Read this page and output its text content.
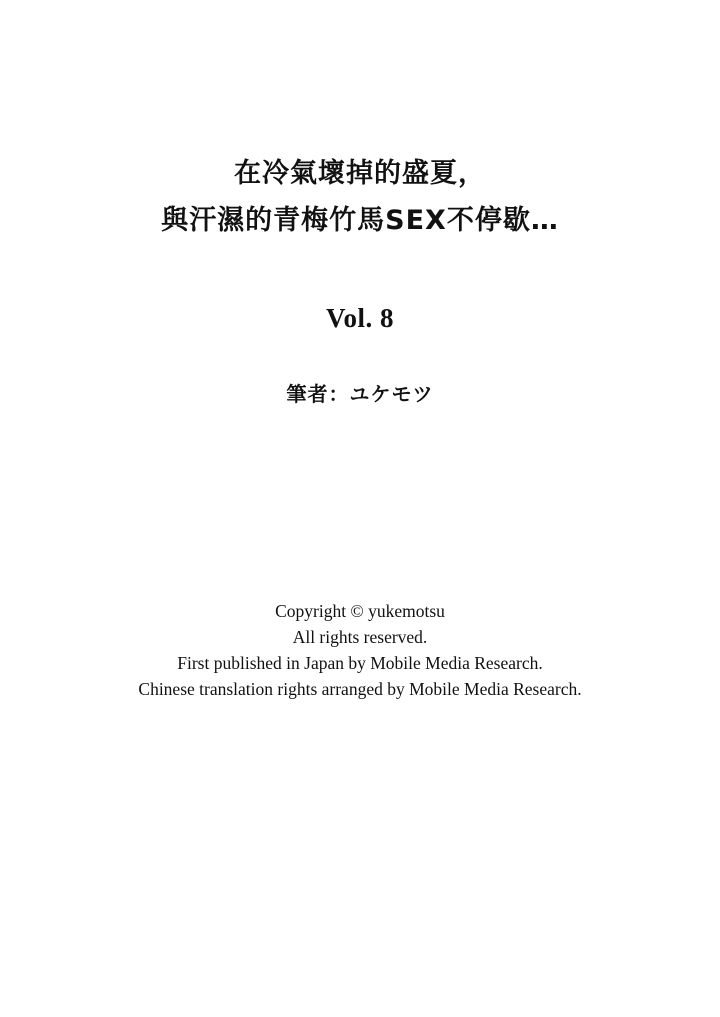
在冷氣壞掉的盛夏，
與汗濕的青梅竹馬SEX不停歇…
Vol. 8
筆者：ユケモツ
Copyright © yukemotsu
All rights reserved.
First published in Japan by Mobile Media Research.
Chinese translation rights arranged by Mobile Media Research.
